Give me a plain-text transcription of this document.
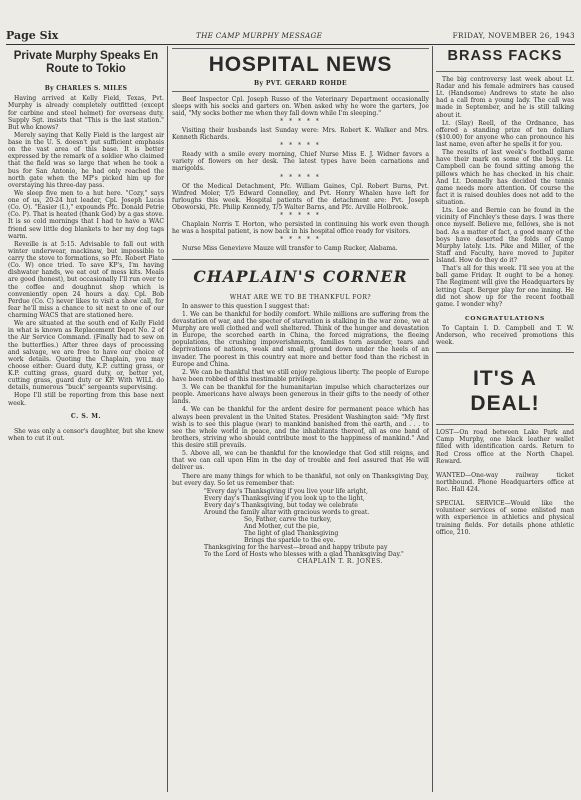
Page Six	THE CAMP MURPHY MESSAGE	FRIDAY, NOVEMBER 26, 1943
Private Murphy Speaks En Route to Tokio
By CHARLES S. MILES

Having arrived at Kelly Field, Texas, Pvt. Murphy is already completely outfitted (except for carbine and steel helmet) for overseas duty. Supply Sgt. insists that "This is the last station." But who knows?

Merely saying that Kelly Field is the largest air base in the U. S. doesn't put sufficient emphasis on the vast area of this base. It is better expressed by the remark of a soldier who claimed that the field was so large that when he took a bus for San Antonio, he had only reached the north gate when the MP's picked him up for overstaying his three-day pass.

We sleep five men to a hut here. "Cozy," says one of us, 20-24 hut leader, Cpl. Joseph Lucas (Co. O). "Easier (I.)," expounds Pfc. Donald Petrie (Co. P). That is heated (thank God) by a gas stove. It is so cold mornings that I had to have a WAC friend sew little dog blankets to her my dog tags warm.

Reveille is at 5:15. Advisable to fall out with winter underwear, mackinaw, but impossible to carry the stove to formations, so Pfc. Robert Plate (Co. W) once tried. To save KP's, I'm having dishwater hands, we eat out of mess kits. Meals are good (honest), but occasionally I'll run over to the coffee and doughnut shop which is conveniently open 24 hours a day. Cpl. Bob Perdue (Co. C) never likes to visit a show call, for fear he'll miss a chance to sit next to one of our charming WACS that are stationed here.

We are situated at the south end of Kelly Field in what is known as Replacement Depot No. 2 of the Air Service Command. (Finally had to sew on the butterflies.) After three days of processing and salvage, we are free to have our choice of work details. Quoting the Chaplain, you may choose either: Guard duty, K.P. cutting grass, or K.P. cutting grass, guard duty, or, better yet, cutting grass, guard duty or KP. With WILL do details, numerous "buck" sergeants supervising.

Hope I'll still be reporting from this base next week.

C. S. M.

She was only a censor's daughter, but she knew when to cut it out.

HOSPITAL NEWS
By PVT. GERARD ROHDE

Beef Inspector Cpl. Joseph Russo of the Veterinary Department occasionally sleeps with his socks and garters on. When asked why he wore the garters, Joe said, "My socks bother me when they fall down while I'm sleeping."

* * * * *

Visiting their husbands last Sunday were: Mrs. Robert K. Walker and Mrs. Kenneth Richards.

* * * * *

Ready with a smile every morning, Chief Nurse Miss E. J. Widner favors a variety of flowers on her desk. The latest types have been carnations and marigolds.

* * * * *

Of the Medical Detachment, Pfc. William Gaines, Cpl. Robert Burns, Pvt. Winfred Moler, T/5 Edward Connelley, and Pvt. Henry Whalen have left for furloughs this week. Hospital patients of the detachment are: Pvt. Joseph Oboworski, Pfc. Philip Kennedy, T/5 Walter Barns, and Pfc. Arville Holbrook.

* * * * *

Chaplain Norris T. Horton, who persisted in continuing his work even though he was a hospital patient, is now back in his hospital office ready for visitors.

* * * * *

Nurse Miss Genevieve Mauze will transfer to Camp Rucker, Alabama.

CHAPLAIN'S CORNER
WHAT ARE WE TO BE THANKFUL FOR?

In answer to this question I suggest that:

1. We can be thankful for bodily comfort. While millions are suffering from the devastation of war, and the specter of starvation is stalking in the war zone, we at Murphy are well clothed and well sheltered. Think of the hunger and devastation in Europe, the scorched earth in China, the forced migrations, the fleeing populations, the crushing impoverishments, families torn asunder, tears and deprivations of nations, weak and small, ground down under the heels of an invader. The poorest in this country eat more and better food than the richest in Europe and China.

2. We can be thankful that we still enjoy religious liberty. The people of Europe have been robbed of this inestimable privilege.

3. We can be thankful for the humanitarian impulse which characterizes our people. Americans have always been generous in their gifts to the needy of other lands.

4. We can be thankful for the ardent desire for permanent peace which has always been prevalent in the United States. President Washington said: "My first wish is to see this plague (war) to mankind banished from the earth, and . . . to see the whole world in peace, and the inhabitants thereof, all as one band of brothers, striving who should contribute most to the happiness of mankind." And this desire still prevails.

5. Above all, we can be thankful for the knowledge that God still reigns, and that we can call upon Him in the day of trouble and feel assured that He will deliver us.

There are many things for which to be thankful, not only on Thanksgiving Day, but every day. So let us remember that:

"Every day's Thanksgiving if you live your life aright,
Every day's Thanksgiving if you look up to the light,
Every day's Thanksgiving, but today we celebrate
Around the family altar with gracious words to great.
So, Father, carve the turkey,
And Mother, cut the pie,
The light of glad Thanksgiving
Brings the sparkle to the eye.
Thanksgiving for the harvest—bread and happy tribute pay
To the Lord of Hosts who blesses with a glad Thanksgiving Day."
CHAPLAIN T. R. JONES.
BRASS FACKS

The big controversy last week about Lt. Radar and his female admirers has caused Lt. (Handsome) Andrews to state he also had a call from a young lady. The call was made in September, and he is still talking about it.

Lt. (Slay) Reell, of the Ordnance, has offered a standing prize of ten dollars ($10.00) for anyone who can pronounce his last name, even after he spells it for you.

The results of last week's football game have their mark on some of the boys. Lt. Campbell can be found sitting among the pillows which he has checked in his chair. And Lt. Donnelly has decided the tennis game needs more attention. Of course the fact it is raised doubles does not add to the situation.

Lts. Lee and Bernie can be found in the vicinity of Finchley's these days. I was there once myself. Believe me, fellows, she is not bad. As a matter of fact, a good many of the boys have deserted the folds of Camp Murphy lately. Lts. Pike and Miller, of the Staff and Faculty, have moved to Jupiter Island. How do they do it?

That's all for this week. I'll see you at the ball game Friday. It ought to be a honey. The Regiment will give the Headquarters by letting Capt. Berger play for one inning. He did not show up for the recent football game. I wonder why?

CONGRATULATIONS

To Captain I. D. Campbell and T. W. Anderson, who received promotions this week.

IT'S A DEAL!

LOST—On road between Lake Park and Camp Murphy, one black leather wallet filled with identification cards. Return to Red Cross office at the North Chapel. Reward.

WANTED—One-way railway ticket northbound. Phone Headquarters office at Rec. Hall 424.

SPECIAL SERVICE—Would like the volunteer services of some enlisted man with experience in athletics and physical training fields. For details phone athletic office, 210.
